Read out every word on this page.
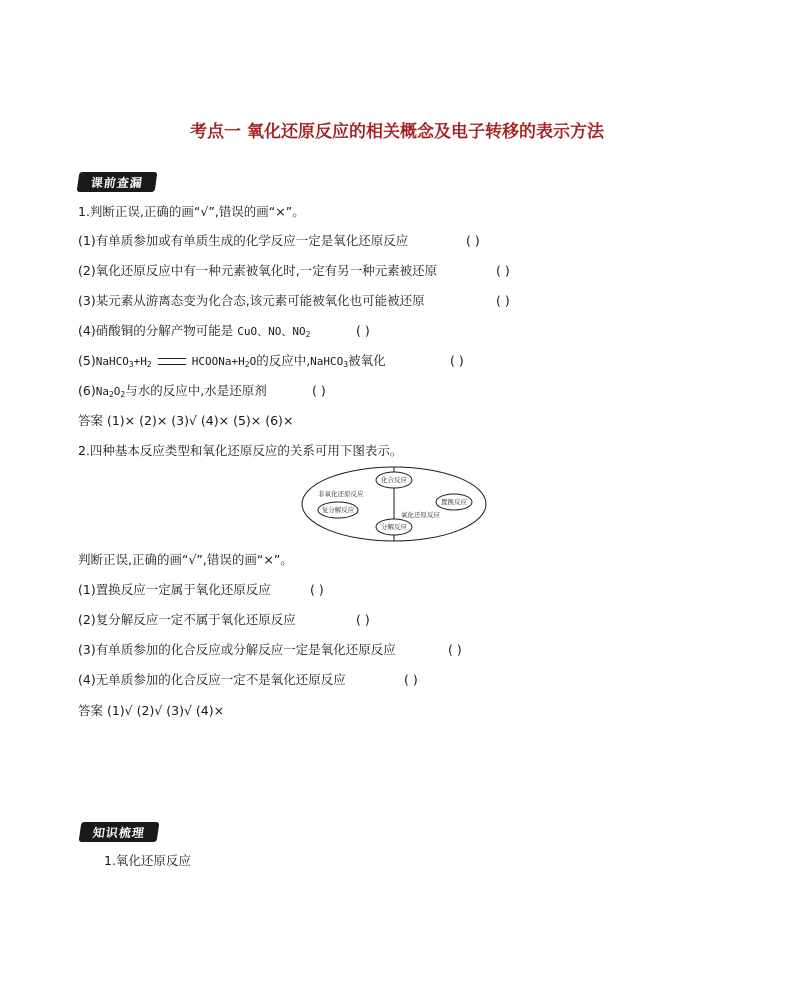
考点一 氧化还原反应的相关概念及电子转移的表示方法
课前查漏
1.判断正误,正确的画“√”,错误的画“×”。
(1)有单质参加或有单质生成的化学反应一定是氧化还原反应	( )
(2)氧化还原反应中有一种元素被氧化时,一定有另一种元素被还原	( )
(3)某元素从游离态变为化合态,该元素可能被氧化也可能被还原	( )
(4)硝酸铜的分解产物可能是 CuO、NO、$NO_2$	( )
$(5)NaHCO_3+H_2$	$HCOONa+H_2O$的反应中,NaHCO$_3$被氧化	( )
$(6)Na_2O_2$与水的反应中,水是还原剂	( )
答案 (1)× (2)× (3)√ (4)× (5)× (6)×
2.四种基本反应类型和氧化还原反应的关系可用下图表示。
非氧化还原反应
氧化还原反应
化合反应
置换反应
复分解反应
分解反应
判断正误,正确的画“√”,错误的画“×”。
(1)置换反应一定属于氧化还原反应	( )
(2)复分解反应一定不属于氧化还原反应	( )
(3)有单质参加的化合反应或分解反应一定是氧化还原反应	( )
(4)无单质参加的化合反应一定不是氧化还原反应	( )
答案 (1)√ (2)√ (3)√ (4)×
知识梳理
1.氧化还原反应
